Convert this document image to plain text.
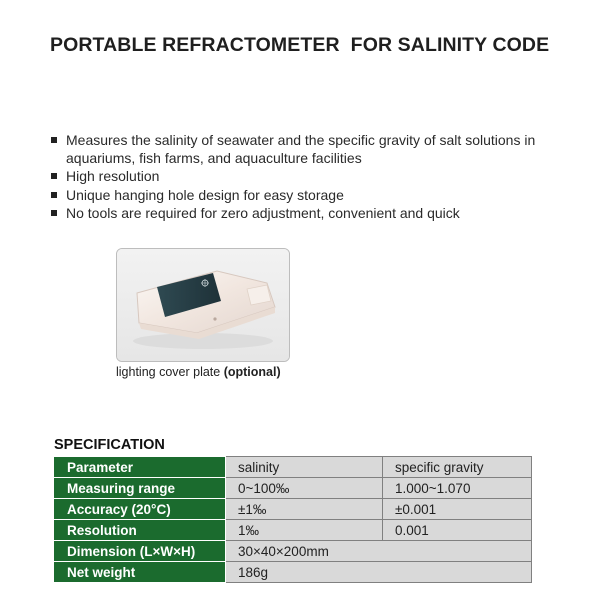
PORTABLE REFRACTOMETER  FOR SALINITY CODE
Measures the salinity of seawater and the specific gravity of salt solutions in aquariums, fish farms, and aquaculture facilities
High resolution
Unique hanging hole design for easy storage
No tools are required for zero adjustment, convenient and quick
lighting cover plate (optional)
SPECIFICATION
Parameter	salinity	specific gravity
Measuring range	0~100‰	1.000~1.070
Accuracy (20°C)	±1‰	±0.001
Resolution	1‰	0.001
Dimension (L×W×H)	30×40×200mm	
Net weight	186g	
